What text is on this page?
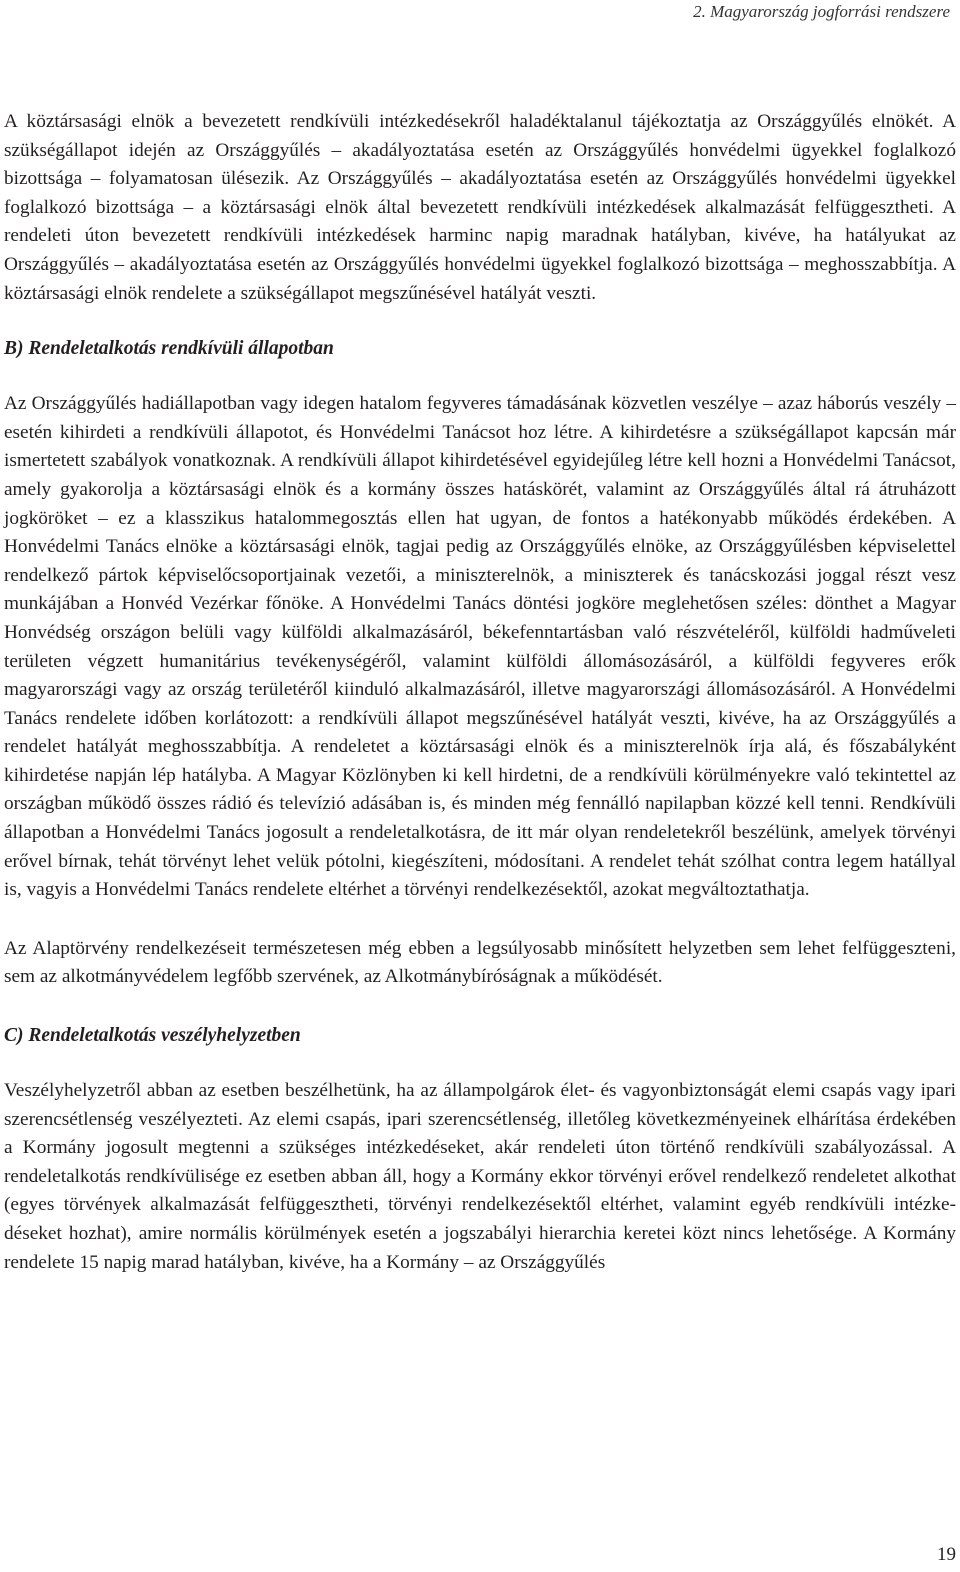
2. Magyarország jogforrási rendszere

A köztársasági elnök a bevezetett rendkívüli intézkedésekről haladéktalanul tájékoztatja az Országgyűlés elnökét. A szükségállapot idején az Országgyűlés – akadályoztatása esetén az Országgyűlés honvédelmi ügyekkel foglalkozó bizottsága – folyamatosan ülésezik. Az Országgyűlés – akadályoztatása esetén az Országgyűlés honvédelmi ügyekkel foglalkozó bizottsága – a köztársasági elnök által bevezetett rendkívüli intézkedések alkalmazását felfüggesztheti. A rendeleti úton bevezetett rendkívüli intézkedések harminc napig maradnak hatályban, kivéve, ha hatályukat az Országgyűlés – akadályoztatása esetén az Országgyűlés honvédelmi ügyekkel foglalkozó bizottsága – meghosszabbítja. A köztársasági elnök rendelete a szükségállapot megszűnésével hatályát veszti.

B) Rendeletalkotás rendkívüli állapotban

Az Országgyűlés hadiállapotban vagy idegen hatalom fegyveres támadásának közvetlen veszélye – azaz háborús veszély – esetén kihirdeti a rendkívüli állapotot, és Honvédelmi Tanácsot hoz létre. A kihirdetésre a szükségállapot kapcsán már ismertetett szabályok vonatkoznak. A rendkívüli állapot kihirdetésével egyidejűleg létre kell hozni a Honvédelmi Tanácsot, amely gyakorolja a köztársasági elnök és a kormány összes hatáskörét, valamint az Országgyűlés által rá átruházott jogköröket – ez a klasszikus hatalommegosztás ellen hat ugyan, de fontos a hatékonyabb működés érdekében. A Honvédelmi Tanács elnöke a köztársasági elnök, tagjai pedig az Országgyűlés elnöke, az Országgyűlésben képviselettel rendelkező pártok képviselőcsoportjainak vezetői, a miniszterelnök, a miniszterek és tanácskozási joggal részt vesz munkájában a Honvéd Vezérkar főnöke. A Honvédelmi Tanács döntési jogköre meglehetősen széles: dönthet a Magyar Honvédség országon belüli vagy külföldi alkalmazásáról, békefenntartásban való részvételéről, külföldi hadműveleti területen végzett humanitárius tevékenységéről, valamint külföldi állomásozásáról, a külföldi fegyveres erők magyarországi vagy az ország területéről kiinduló alkalmazásáról, illetve magyarországi állomásozásáról. A Honvédelmi Tanács rendelete időben korlátozott: a rendkívüli állapot megszűnésével hatályát veszti, kivéve, ha az Országgyűlés a rendelet hatályát meghosszabbítja. A rendeletet a köztársasági elnök és a miniszterelnök írja alá, és főszabályként kihirdetése napján lép hatályba. A Magyar Közlönyben ki kell hirdetni, de a rendkívüli körülményekre való tekintettel az országban működő összes rádió és televízió adásában is, és minden még fennálló napilapban közzé kell tenni. Rendkívüli állapotban a Honvédelmi Tanács jogosult a rendeletalkotásra, de itt már olyan rendeletekről beszélünk, amelyek törvényi erővel bírnak, tehát törvényt lehet velük pótolni, kiegészíteni, módosítani. A rendelet tehát szólhat contra legem hatállyal is, vagyis a Honvédelmi Tanács rendelete eltérhet a törvényi rendelkezésektől, azokat megváltoztathatja.

Az Alaptörvény rendelkezéseit természetesen még ebben a legsúlyosabb minősített helyzetben sem lehet felfüggeszteni, sem az alkotmányvédelem legfőbb szervének, az Alkotmánybíróságnak a működését.

C) Rendeletalkotás veszélyhelyzetben

Veszélyhelyzetről abban az esetben beszélhetünk, ha az állampolgárok élet- és vagyonbiztonságát elemi csapás vagy ipari szerencsétlenség veszélyezteti. Az elemi csapás, ipari szerencsétlenség, illetőleg következményeinek elhárítása érdekében a Kormány jogosult megtenni a szükséges intézkedéseket, akár rendeleti úton történő rendkívüli szabályozással. A rendeletalkotás rendkívülisége ez esetben abban áll, hogy a Kormány ekkor törvényi erővel rendelkező rendeletet alkothat (egyes törvények alkalmazását felfüggesztheti, törvényi rendelkezésektől eltérhet, valamint egyéb rendkívüli intézkedéseket hozhat), amire normális körülmények esetén a jogszabályi hierarchia keretei közt nincs lehetősége. A Kormány rendelete 15 napig marad hatályban, kivéve, ha a Kormány – az Országgyűlés

19
